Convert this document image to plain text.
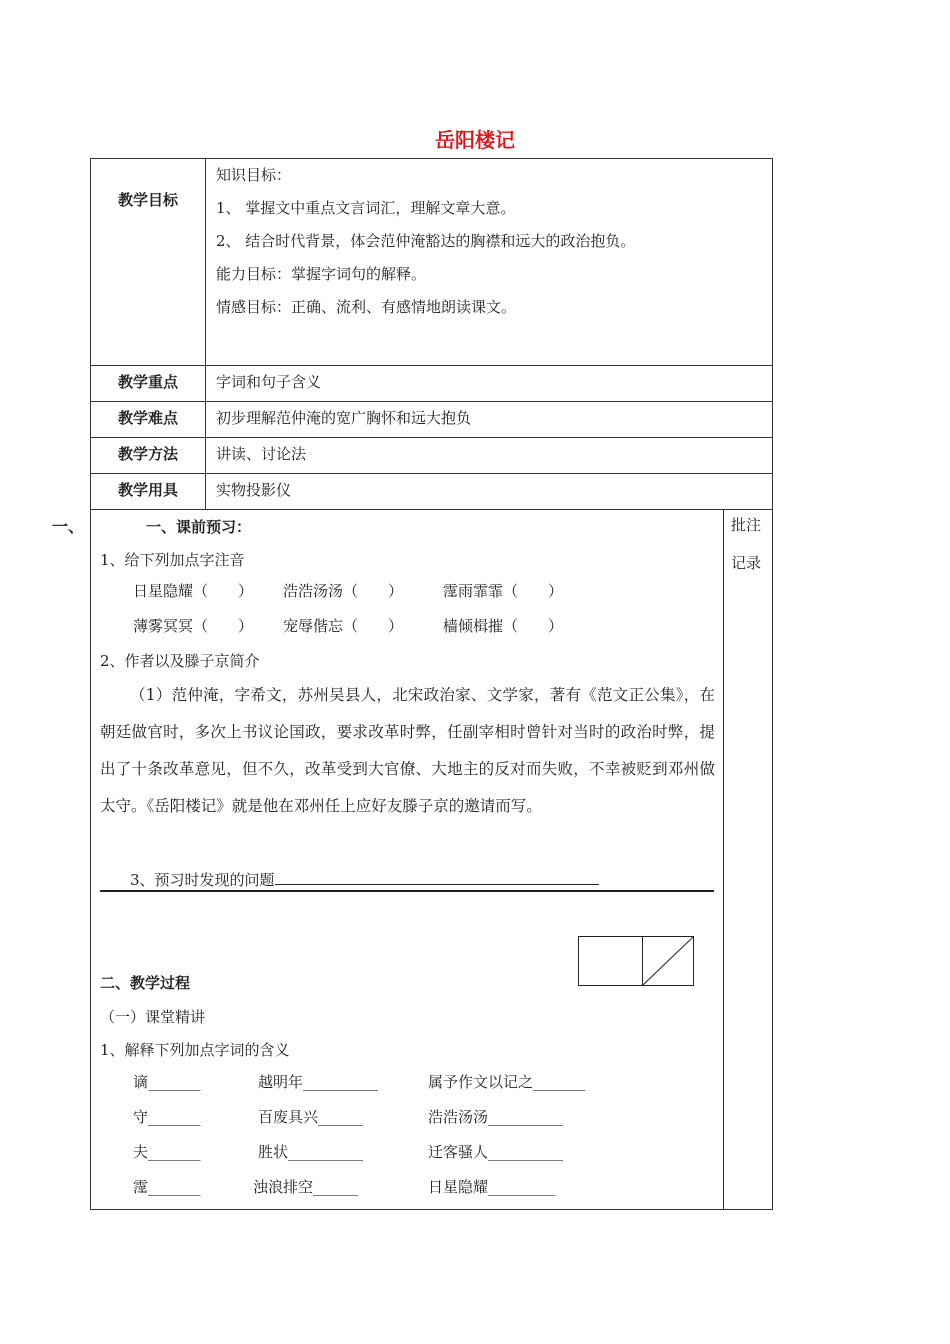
岳阳楼记
教学目标	知识目标：
1、 掌握文中重点文言词汇，理解文章大意。
2、 结合时代背景，体会范仲淹豁达的胸襟和远大的政治抱负。
能力目标：掌握字词句的解释。
情感目标：正确、流利、有感情地朗读课文。

教学重点	字词和句子含义

教学难点	初步理解范仲淹的宽广胸怀和远大抱负

教学方法	讲读、讨论法

教学用具	实物投影仪
一、	批注
记录
一、课前预习：
1、给下列加点字注音
日星隐耀（　　） 浩浩汤汤（　　）	霪雨霏霏（　　）
薄雾冥冥（　　） 宠辱偕忘（　　）	樯倾楫摧（　　）
2、作者以及滕子京简介
（1）范仲淹，字希文，苏州吴县人，北宋政治家、文学家，著有《范文正公集》，在朝廷做官时，多次上书议论国政，要求改革时弊，任副宰相时曾针对当时的政治时弊，提出了十条改革意见，但不久，改革受到大官僚、大地主的反对而失败，不幸被贬到邓州做太守。《岳阳楼记》就是他在邓州任上应好友滕子京的邀请而写。
3、预习时发现的问题
二、教学过程
（一）课堂精讲
1、解释下列加点字词的含义
谪_______	越明年__________	属予作文以记之_______
守_______	百废具兴______	浩浩汤汤__________
夫_______	胜状__________	迁客骚人__________
霪_______	浊浪排空______	日星隐耀_________
